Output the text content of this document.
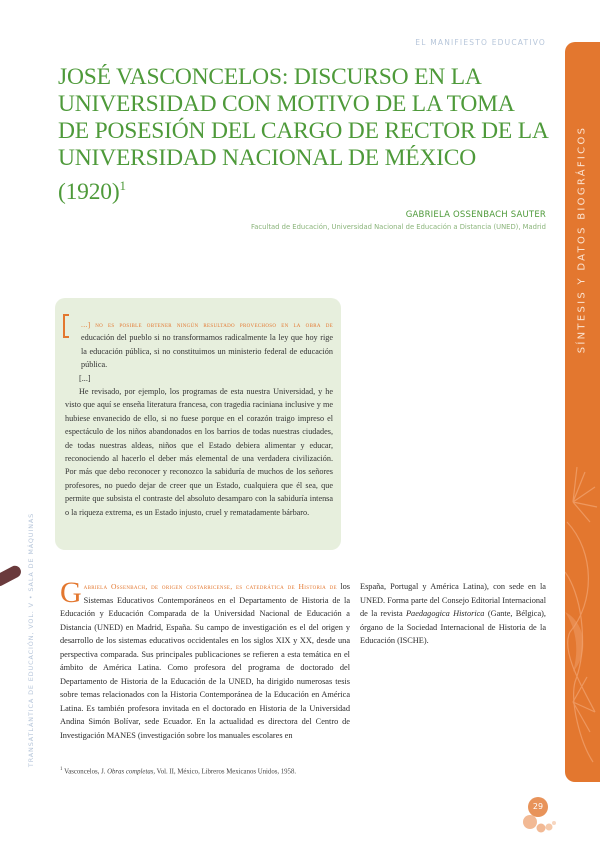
EL MANIFIESTO EDUCATIVO
SÍNTESIS Y DATOS BIOGRÁFICOS
JOSÉ VASCONCELOS: DISCURSO EN LA UNIVERSIDAD CON MOTIVO DE LA TOMA DE POSESIÓN DEL CARGO DE RECTOR DE LA UNIVERSIDAD NACIONAL DE MÉXICO $(1920)^1$
GABRIELA OSSENBACH SAUTER
Facultad de Educación, Universidad Nacional de Educación a Distancia (UNED), Madrid

...] no es posible obtener ningún resultado provechoso en la obra de educación del pueblo si no transformamos radicalmente la ley que hoy rige la educación pública, si no constituimos un ministerio federal de educación pública.

[...]

He revisado, por ejemplo, los programas de esta nuestra Universidad, y he visto que aquí se enseña literatura francesa, con tragedia raciniana inclusive y me hubiese envanecido de ello, si no fuese porque en el corazón traigo impreso el espectáculo de los niños abandonados en los barrios de todas nuestras ciudades, de todas nuestras aldeas, niños que el Estado debiera alimentar y educar, reconociendo al hacerlo el deber más elemental de una verdadera civilización. Por más que debo reconocer y reconozco la sabiduría de muchos de los señores profesores, no puedo dejar de creer que un Estado, cualquiera que él sea, que permite que subsista el contraste del absoluto desamparo con la sabiduría intensa o la riqueza extrema, es un Estado injusto, cruel y rematadamente bárbaro.

TRANSATLÁNTICA DE EDUCACIÓN, VOL. V • SALA DE MÁQUINAS G abriela Ossenbach, de origen costarricense, es catedrática de Historia de los Sistemas Educativos Contemporáneos en el Departamento de Historia de la Educación y Educación Comparada de la Universidad Nacional de Educación a Distancia (UNED) en Madrid, España. Su campo de investigación es el del origen y desarrollo de los sistemas educativos occidentales en los siglos XIX y XX, desde una perspectiva comparada. Sus principales publicaciones se refieren a esta temática en el ámbito de América Latina. Como profesora del programa de doctorado del Departamento de Historia de la Educación de la UNED, ha dirigido numerosas tesis sobre temas relacionados con la Historia Contemporánea de la Educación en América Latina. Es también profesora invitada en el doctorado en Historia de la Universidad Andina Simón Bolívar, sede Ecuador. En la actualidad es directora del Centro de Investigación MANES (investigación sobre los manuales escolares en

España, Portugal y América Latina), con sede en la UNED. Forma parte del Consejo Editorial Internacional de la revista Paedagogica Historica (Gante, Bélgica), órgano de la Sociedad Internacional de Historia de la Educación (ISCHE).

$^1$ Vasconcelos, J. Obras completas, Vol. II, México, Libreros Mexicanos Unidos, 1958.
29
